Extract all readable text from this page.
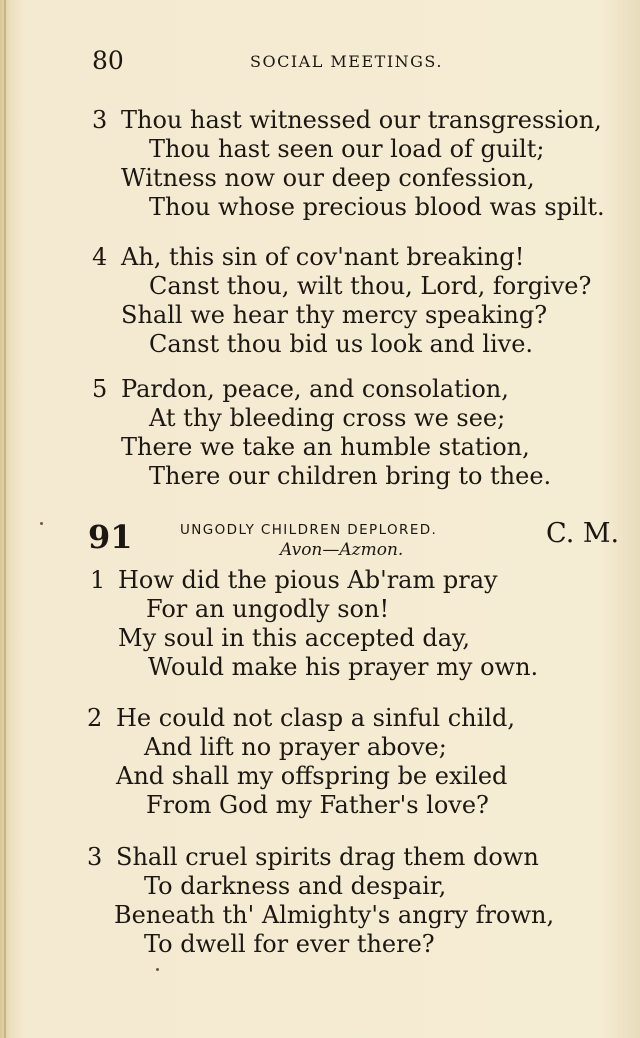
80	SOCIAL MEETINGS.
3 Thou hast witnessed our transgression,
Thou hast seen our load of guilt;
Witness now our deep confession,
Thou whose precious blood was spilt.
4 Ah, this sin of cov'nant breaking!
Canst thou, wilt thou, Lord, forgive?
Shall we hear thy mercy speaking?
Canst thou bid us look and live.
5 Pardon, peace, and consolation,
At thy bleeding cross we see;
There we take an humble station,
There our children bring to thee.
91	UNGODLY CHILDREN DEPLORED.
Avon—Azmon.
C. M.
1 How did the pious Ab'ram pray
For an ungodly son!
My soul in this accepted day,
Would make his prayer my own.
2 He could not clasp a sinful child,
And lift no prayer above;
And shall my offspring be exiled
From God my Father's love?
3 Shall cruel spirits drag them down
To darkness and despair,
Beneath th' Almighty's angry frown,
To dwell for ever there?
